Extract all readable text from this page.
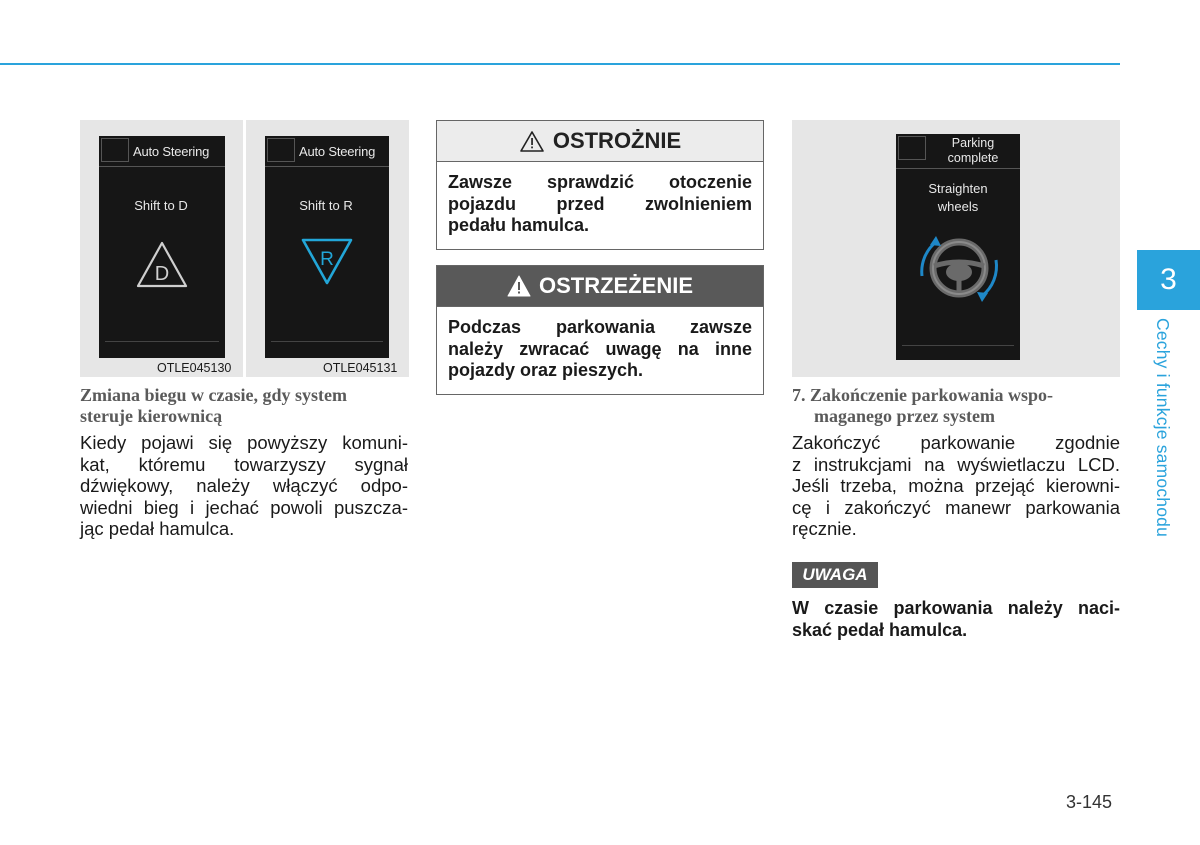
Auto Steering
Shift to D
D
OTLE045130
Auto Steering
Shift to R
R
OTLE045131
Parking
complete
Straighten
wheels
Zmiana biegu w czasie, gdy system
steruje kierownicą
Kiedy pojawi się powyższy komuni-
kat, któremu towarzyszy sygnał
dźwiękowy, należy włączyć odpo-
wiedni bieg i jechać powoli puszcza-
jąc pedał hamulca.
OSTROŻNIE
Zawsze sprawdzić otoczenie
pojazdu przed zwolnieniem
pedału hamulca.
OSTRZEŻENIE
Podczas parkowania zawsze
należy zwracać uwagę na inne
pojazdy oraz pieszych.
7. Zakończenie parkowania wspo-
maganego przez system
Zakończyć parkowanie zgodnie
z instrukcjami na wyświetlaczu LCD.
Jeśli trzeba, można przejąć kierowni-
cę i zakończyć manewr parkowania
ręcznie.
UWAGA
W czasie parkowania należy naci-
skać pedał hamulca.
3
Cechy i funkcje samochodu
3-145
